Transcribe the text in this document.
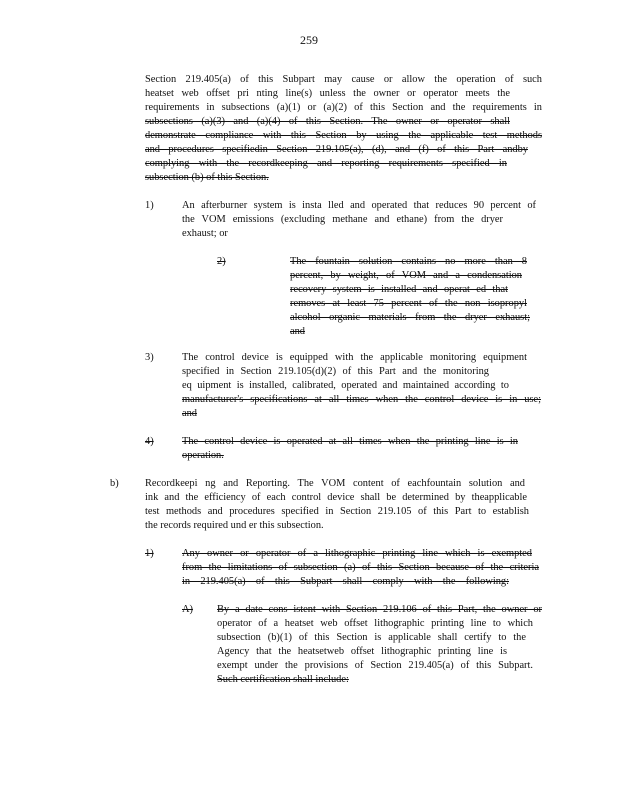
259
Section 219.405(a) of this Subpart may cause or allow the operation of such
heatset web offset pri nting line(s) unless the owner or operator meets the
requirements in subsections (a)(1) or (a)(2) of this Section and the requirements in
subsections (a)(3) and (a)(4) of this Section. The owner or operator shall
demonstrate compliance with this Section by using the applicable test methods
and procedures specifiedin Section 219.105(a), (d), and (f) of this Part andby
complying with the recordkeeping and reporting requirements specified in
subsection (b) of this Section.
1)	An afterburner system is insta lled and operated that reduces 90 percent of
the VOM emissions (excluding methane and ethane) from the dryer
exhaust; or
2)	The fountain solution contains no more than 8
percent, by weight, of VOM and a condensation
recovery system is installed and operat ed that
removes at least 75 percent of the non isopropyl
alcohol organic materials from the dryer exhaust;
and
3)	The control device is equipped with the applicable monitoring equipment
specified in Section 219.105(d)(2) of this Part and the monitoring
eq uipment is installed, calibrated, operated and maintained according to
manufacturer's specifications at all times when the control device is in use;
and
4)	The control device is operated at all times when the printing line is in
operation.
b)	Recordkeepi ng and Reporting. The VOM content of eachfountain solution and
ink and the efficiency of each control device shall be determined by theapplicable
test methods and procedures specified in Section 219.105 of this Part to establish
the records required und er this subsection.
1)	Any owner or operator of a lithographic printing line which is exempted
from the limitations of subsection (a) of this Section because of the criteria
in 219.405(a) of this Subpart shall comply with the following:
A) By a date cons istent with Section 219.106 of this Part, the owner or
operator of a heatset web offset lithographic printing line to which
subsection (b)(1) of this Section is applicable shall certify to the
Agency that the heatsetweb offset lithographic printing line is
exempt under the provisions of Section 219.405(a) of this Subpart.
Such certification shall include:
